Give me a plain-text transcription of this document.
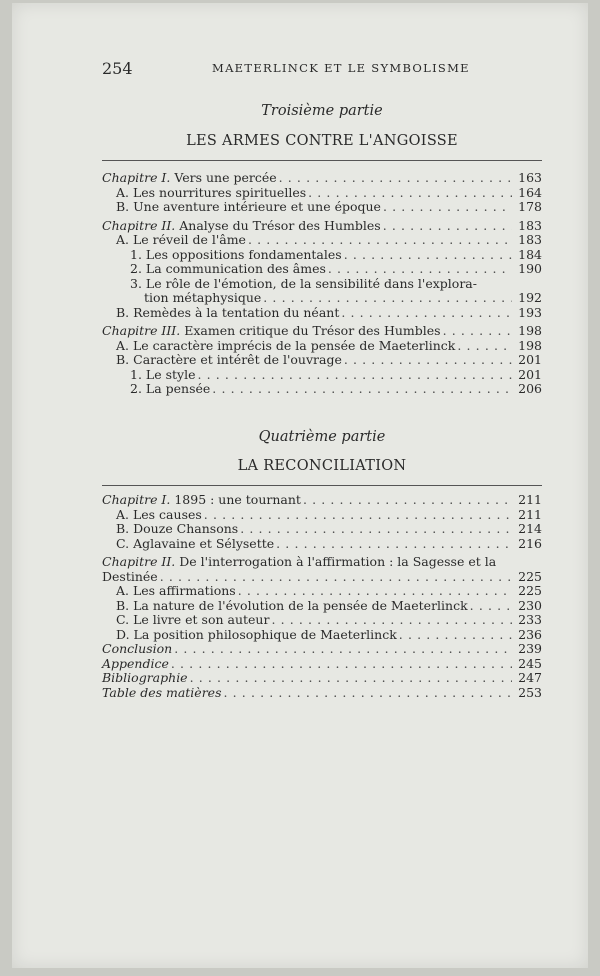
254	MAETERLINCK ET LE SYMBOLISME
Troisième partie
LES ARMES CONTRE L'ANGOISSE
Chapitre I. Vers une percée . . .	163
A. Les nourritures spirituelles . . .	164
B. Une aventure intérieure et une époque . . .	178
Chapitre II. Analyse du Trésor des Humbles . . .	183
A. Le réveil de l'âme . . .	183
1. Les oppositions fondamentales . . .	184
2. La communication des âmes . . .	190
3. Le rôle de l'émotion, de la sensibilité dans l'explora-
tion métaphysique . . .	192
B. Remèdes à la tentation du néant . . .	193
Chapitre III. Examen critique du Trésor des Humbles . . .	198
A. Le caractère imprécis de la pensée de Maeterlinck . . .	198
B. Caractère et intérêt de l'ouvrage . . .	201
1. Le style . . .	201
2. La pensée . . .	206
Quatrième partie
LA RECONCILIATION
Chapitre I. 1895 : une tournant . . .	211
A. Les causes . . .	211
B. Douze Chansons . . .	214
C. Aglavaine et Sélysette . . .	216
Chapitre II. De l'interrogation à l'affirmation : la Sagesse et la
Destinée . . .	225
A. Les affirmations . . .	225
B. La nature de l'évolution de la pensée de Maeterlinck . . .	230
C. Le livre et son auteur . . .	233
D. La position philosophique de Maeterlinck . . .	236
Conclusion . . .	239
Appendice . . .	245
Bibliographie . . .	247
Table des matières . . .	253
